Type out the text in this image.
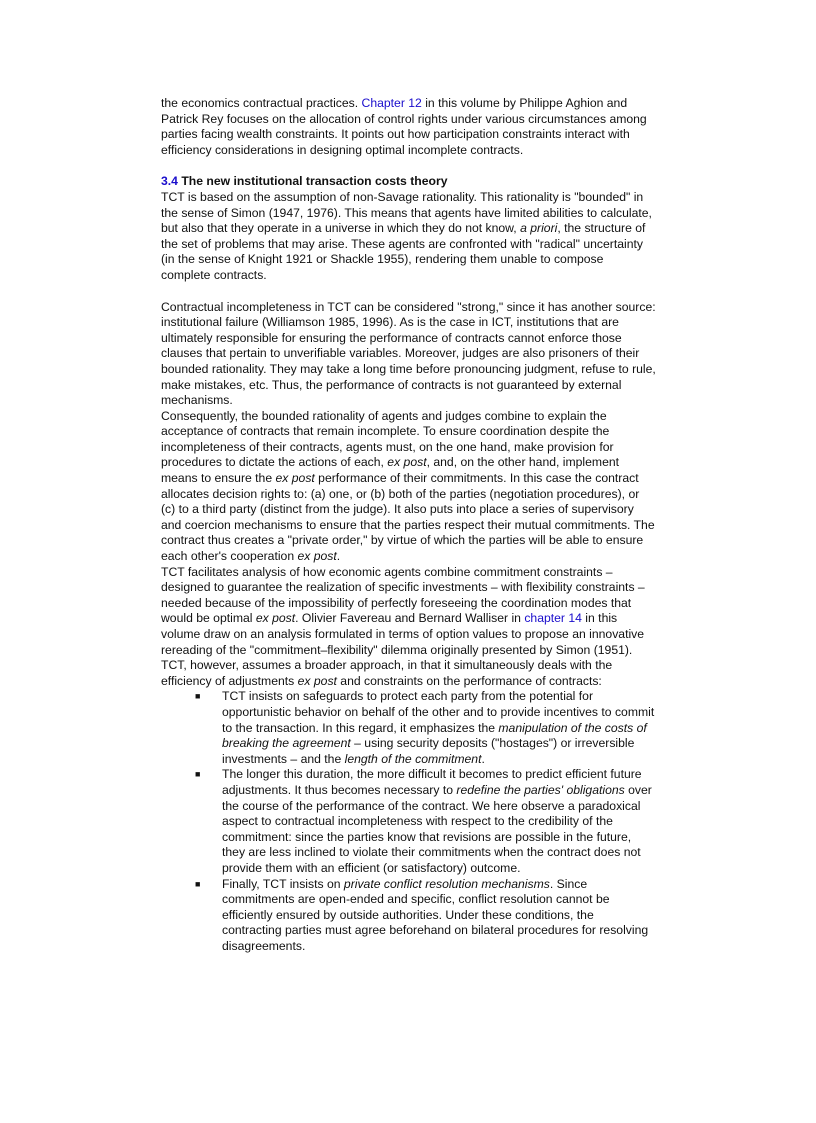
the economics contractual practices. Chapter 12 in this volume by Philippe Aghion and Patrick Rey focuses on the allocation of control rights under various circumstances among parties facing wealth constraints. It points out how participation constraints interact with efficiency considerations in designing optimal incomplete contracts.

3.4 The new institutional transaction costs theory

TCT is based on the assumption of non-Savage rationality. This rationality is "bounded" in the sense of Simon (1947, 1976). This means that agents have limited abilities to calculate, but also that they operate in a universe in which they do not know, a priori, the structure of the set of problems that may arise. These agents are confronted with "radical" uncertainty (in the sense of Knight 1921 or Shackle 1955), rendering them unable to compose complete contracts.

Contractual incompleteness in TCT can be considered "strong," since it has another source: institutional failure (Williamson 1985, 1996). As is the case in ICT, institutions that are ultimately responsible for ensuring the performance of contracts cannot enforce those clauses that pertain to unverifiable variables. Moreover, judges are also prisoners of their bounded rationality. They may take a long time before pronouncing judgment, refuse to rule, make mistakes, etc. Thus, the performance of contracts is not guaranteed by external mechanisms.

Consequently, the bounded rationality of agents and judges combine to explain the acceptance of contracts that remain incomplete. To ensure coordination despite the incompleteness of their contracts, agents must, on the one hand, make provision for procedures to dictate the actions of each, ex post, and, on the other hand, implement means to ensure the ex post performance of their commitments. In this case the contract allocates decision rights to: (a) one, or (b) both of the parties (negotiation procedures), or (c) to a third party (distinct from the judge). It also puts into place a series of supervisory and coercion mechanisms to ensure that the parties respect their mutual commitments. The contract thus creates a "private order," by virtue of which the parties will be able to ensure each other's cooperation ex post.

TCT facilitates analysis of how economic agents combine commitment constraints – designed to guarantee the realization of specific investments – with flexibility constraints – needed because of the impossibility of perfectly foreseeing the coordination modes that would be optimal ex post. Olivier Favereau and Bernard Walliser in chapter 14 in this volume draw on an analysis formulated in terms of option values to propose an innovative rereading of the "commitment–flexibility" dilemma originally presented by Simon (1951). TCT, however, assumes a broader approach, in that it simultaneously deals with the efficiency of adjustments ex post and constraints on the performance of contracts:

■ TCT insists on safeguards to protect each party from the potential for opportunistic behavior on behalf of the other and to provide incentives to commit to the transaction. In this regard, it emphasizes the manipulation of the costs of breaking the agreement – using security deposits ("hostages") or irreversible investments – and the length of the commitment.
■ The longer this duration, the more difficult it becomes to predict efficient future adjustments. It thus becomes necessary to redefine the parties' obligations over the course of the performance of the contract. We here observe a paradoxical aspect to contractual incompleteness with respect to the credibility of the commitment: since the parties know that revisions are possible in the future, they are less inclined to violate their commitments when the contract does not provide them with an efficient (or satisfactory) outcome.
■ Finally, TCT insists on private conflict resolution mechanisms. Since commitments are open-ended and specific, conflict resolution cannot be efficiently ensured by outside authorities. Under these conditions, the contracting parties must agree beforehand on bilateral procedures for resolving disagreements.
